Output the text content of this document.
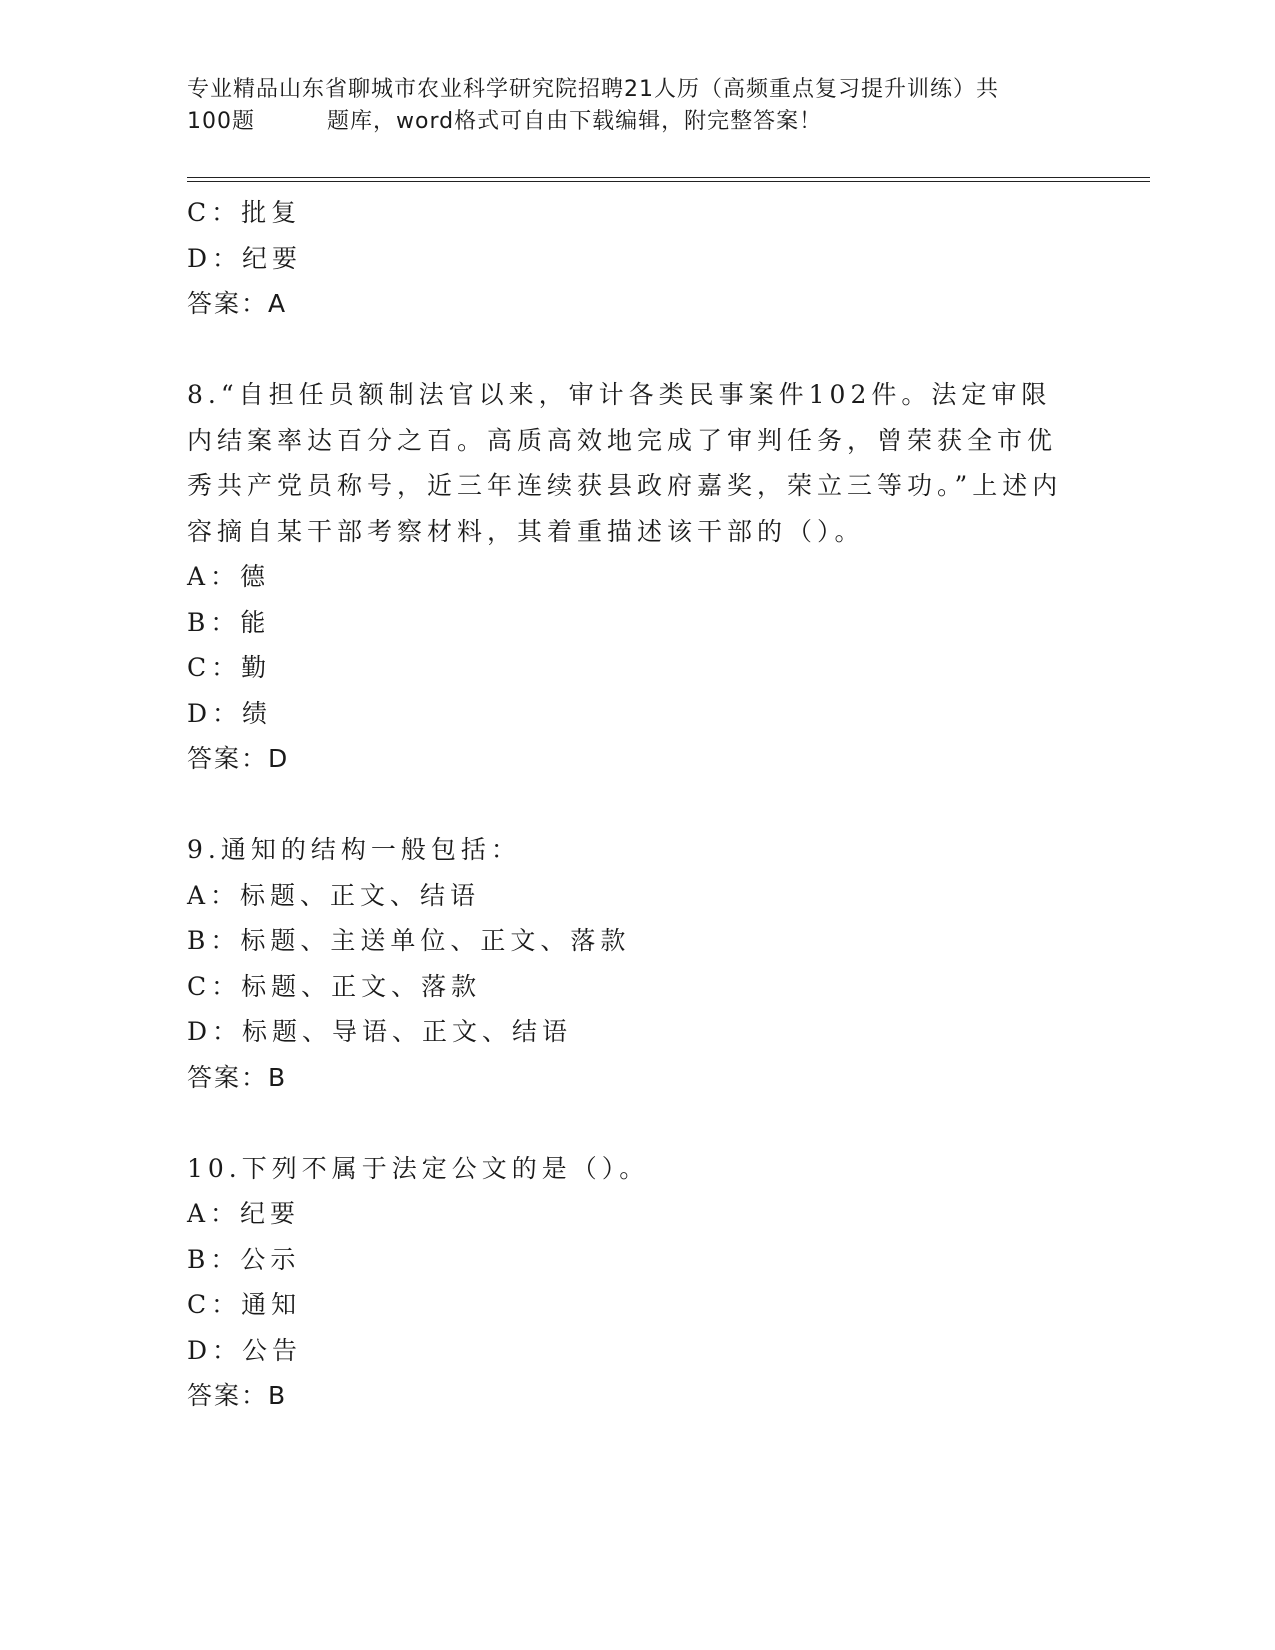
专业精品山东省聊城市农业科学研究院招聘21人历（高频重点复习提升训练）共
100题	题库，word格式可自由下载编辑，附完整答案！
C：批复
D：纪要
答案：A
8.“自担任员额制法官以来，审计各类民事案件102件。法定审限内结案率达百分之百。高质高效地完成了审判任务，曾荣获全市优秀共产党员称号，近三年连续获县政府嘉奖，荣立三等功。”上述内容摘自某干部考察材料，其着重描述该干部的（）。
A：德
B：能
C：勤
D：绩
答案：D
9.通知的结构一般包括：
A：标题、正文、结语
B：标题、主送单位、正文、落款
C：标题、正文、落款
D：标题、导语、正文、结语
答案：B
10.下列不属于法定公文的是（）。
A：纪要
B：公示
C：通知
D：公告
答案：B
